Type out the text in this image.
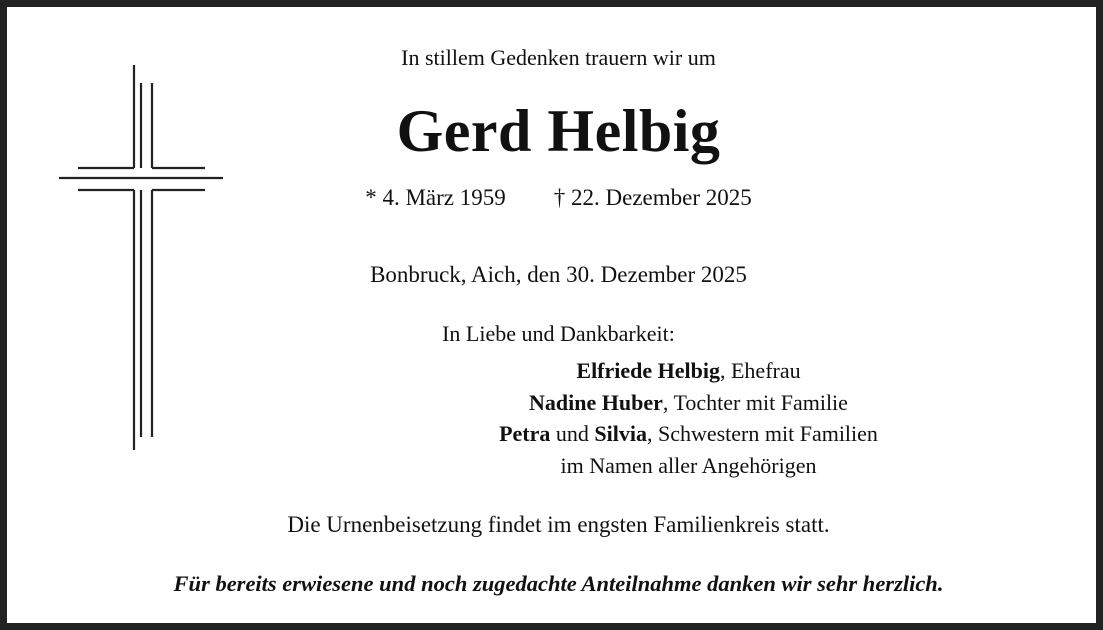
In stillem Gedenken trauern wir um
Gerd Helbig
* 4. März 1959 † 22. Dezember 2025
Bonbruck, Aich, den 30. Dezember 2025
In Liebe und Dankbarkeit:
Elfriede Helbig, Ehefrau
Nadine Huber, Tochter mit Familie
Petra und Silvia, Schwestern mit Familien
im Namen aller Angehörigen
Die Urnenbeisetzung findet im engsten Familienkreis statt.
Für bereits erwiesene und noch zugedachte Anteilnahme danken wir sehr herzlich.
